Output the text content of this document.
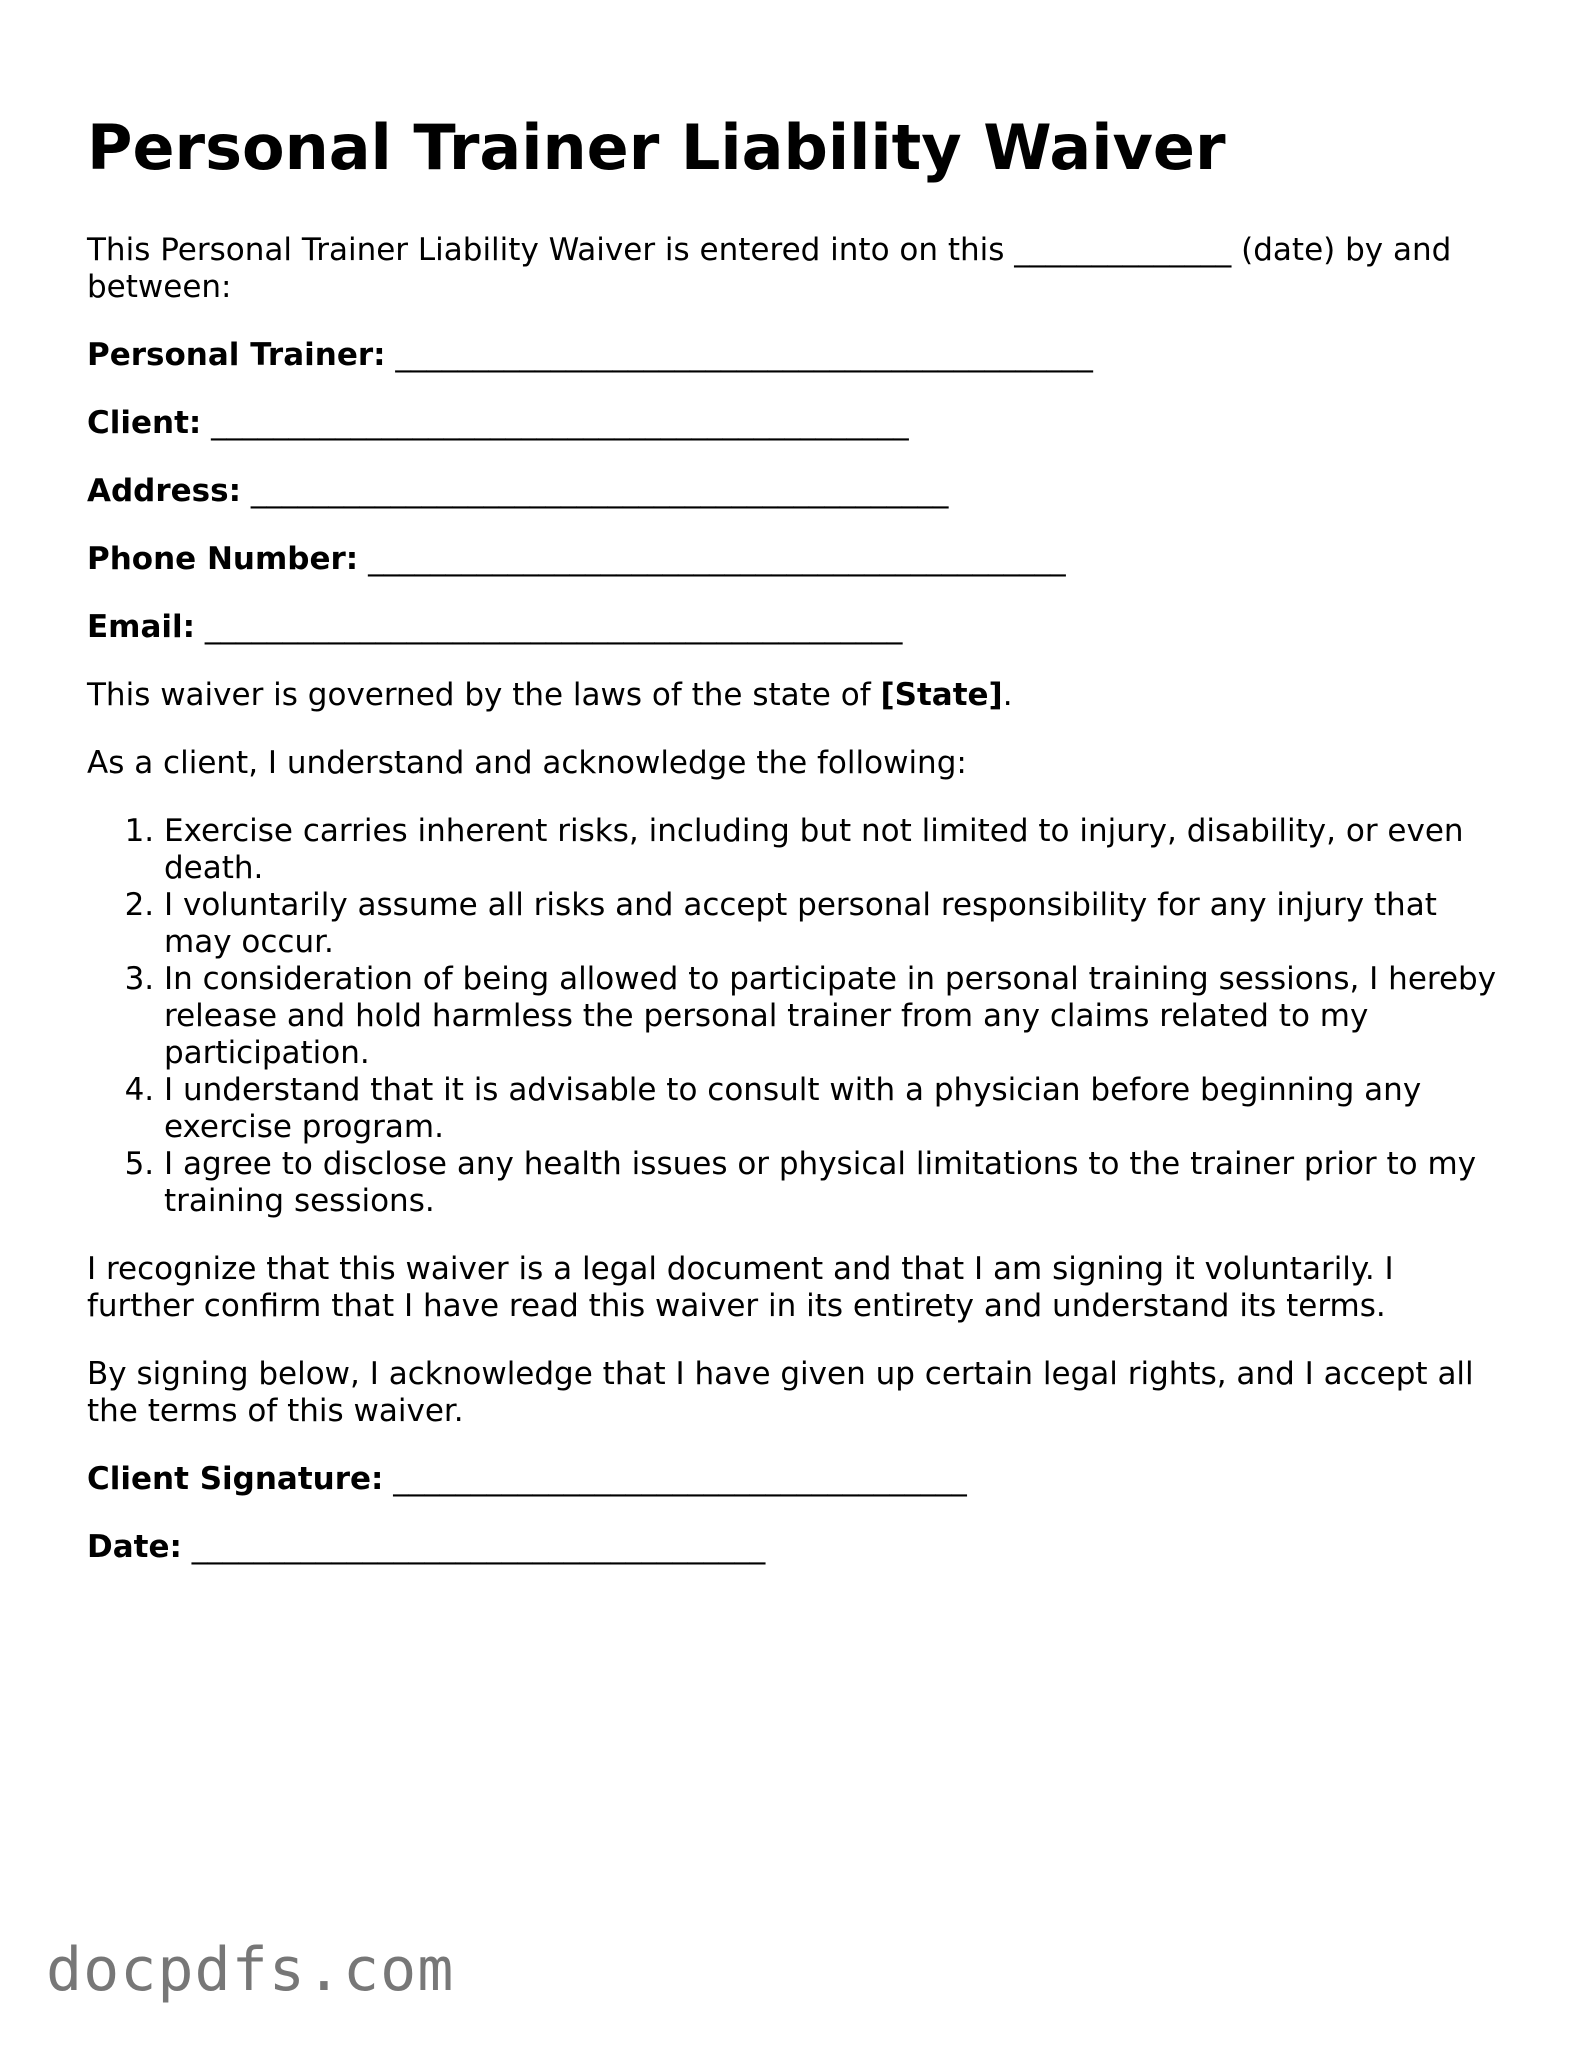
Personal Trainer Liability Waiver

This Personal Trainer Liability Waiver is entered into on this ______________ (date) by and between:

Personal Trainer: _____________________________________________
Client: _____________________________________________
Address: _____________________________________________
Phone Number: _____________________________________________
Email: _____________________________________________

This waiver is governed by the laws of the state of [State].

As a client, I understand and acknowledge the following:

1. Exercise carries inherent risks, including but not limited to injury, disability, or even death.
2. I voluntarily assume all risks and accept personal responsibility for any injury that may occur.
3. In consideration of being allowed to participate in personal training sessions, I hereby release and hold harmless the personal trainer from any claims related to my participation.
4. I understand that it is advisable to consult with a physician before beginning any exercise program.
5. I agree to disclose any health issues or physical limitations to the trainer prior to my training sessions.

I recognize that this waiver is a legal document and that I am signing it voluntarily. I further confirm that I have read this waiver in its entirety and understand its terms.

By signing below, I acknowledge that I have given up certain legal rights, and I accept all the terms of this waiver.

Client Signature: _____________________________________
Date: _____________________________________
docpdfs.com
